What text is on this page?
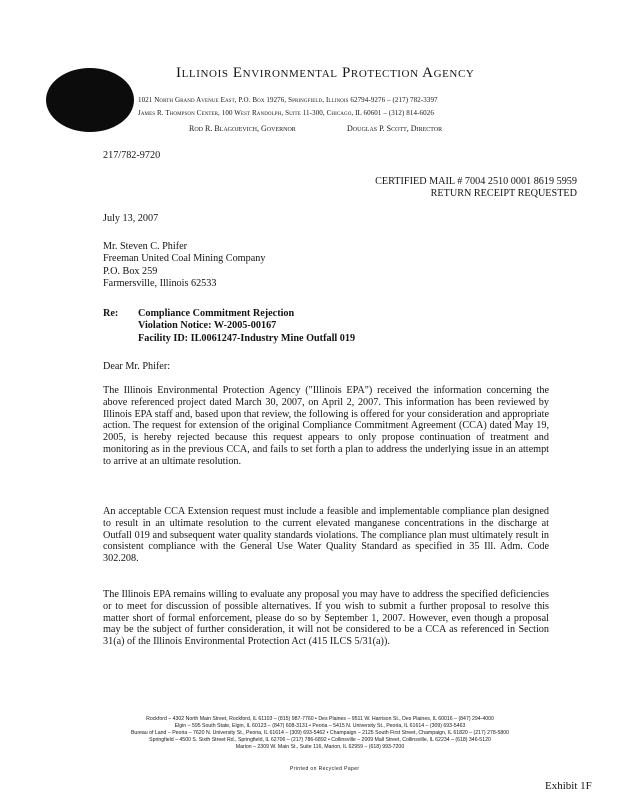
Illinois Environmental Protection Agency
1021 North Grand Avenue East, P.O. Box 19276, Springfield, Illinois 62794-9276 – (217) 782-3397
James R. Thompson Center, 100 West Randolph, Suite 11-300, Chicago, IL 60601 – (312) 814-6026
Rod R. Blagojevich, Governor	Douglas P. Scott, Director
217/782-9720
CERTIFIED MAIL # 7004 2510 0001 8619 5959
RETURN RECEIPT REQUESTED
July 13, 2007
Mr. Steven C. Phifer
Freeman United Coal Mining Company
P.O. Box 259
Farmersville, Illinois 62533
Re: Compliance Commitment Rejection
Violation Notice: W-2005-00167
Facility ID: IL0061247-Industry Mine Outfall 019
Dear Mr. Phifer:
The Illinois Environmental Protection Agency ("Illinois EPA") received the information concerning the above referenced project dated March 30, 2007, on April 2, 2007. This information has been reviewed by Illinois EPA staff and, based upon that review, the following is offered for your consideration and appropriate action. The request for extension of the original Compliance Commitment Agreement (CCA) dated May 19, 2005, is hereby rejected because this request appears to only propose continuation of treatment and monitoring as in the previous CCA, and fails to set forth a plan to address the underlying issue in an attempt to arrive at an ultimate resolution.
An acceptable CCA Extension request must include a feasible and implementable compliance plan designed to result in an ultimate resolution to the current elevated manganese concentrations in the discharge at Outfall 019 and subsequent water quality standards violations. The compliance plan must ultimately result in consistent compliance with the General Use Water Quality Standard as specified in 35 Ill. Adm. Code 302.208.
The Illinois EPA remains willing to evaluate any proposal you may have to address the specified deficiencies or to meet for discussion of possible alternatives. If you wish to submit a further proposal to resolve this matter short of formal enforcement, please do so by September 1, 2007. However, even though a proposal may be the subject of further consideration, it will not be considered to be a CCA as referenced in Section 31(a) of the Illinois Environmental Protection Act (415 ILCS 5/31(a)).
Rockford – 4302 North Main Street, Rockford, IL 61103 – (815) 987-7760 • Des Plaines – 9511 W. Harrison St., Des Plaines, IL 60016 – (847) 294-4000
Elgin – 595 South State, Elgin, IL 60123 – (847) 608-3131 • Peoria – 5415 N. University St., Peoria, IL 61614 – (309) 693-5463
Bureau of Land – Peoria – 7620 N. University St., Peoria, IL 61614 – (309) 693-5462 • Champaign – 2125 South First Street, Champaign, IL 61820 – (217) 278-5800
Springfield – 4500 S. Sixth Street Rd., Springfield, IL 62706 – (217) 786-6892 • Collinsville – 2009 Mall Street, Collinsville, IL 62234 – (618) 346-5120
Marion – 2309 W. Main St., Suite 116, Marion, IL 62959 – (618) 993-7200
Printed on Recycled Paper
Exhibit 1F
